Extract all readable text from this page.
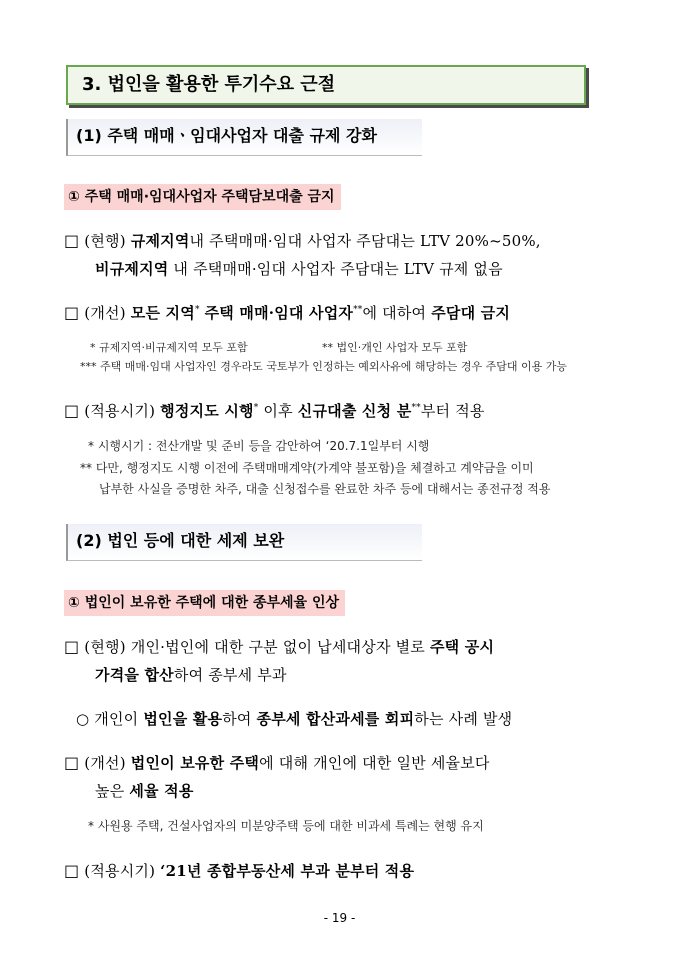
3. 법인을 활용한 투기수요 근절
(1) 주택 매매ㆍ임대사업자 대출 규제 강화
① 주택 매매·임대사업자 주택담보대출 금지
□ (현행) 규제지역내 주택매매·임대 사업자 주담대는 LTV 20%~50%,
비규제지역 내 주택매매·임대 사업자 주담대는 LTV 규제 없음
□ (개선) 모든 지역* 주택 매매·임대 사업자**에 대하여 주담대 금지
* 규제지역·비규제지역 모두 포함	** 법인·개인 사업자 모두 포함
*** 주택 매매·임대 사업자인 경우라도 국토부가 인정하는 예외사유에 해당하는 경우 주담대 이용 가능
□ (적용시기) 행정지도 시행* 이후 신규대출 신청 분**부터 적용
* 시행시기 : 전산개발 및 준비 등을 감안하여 ‘20.7.1일부터 시행
** 다만, 행정지도 시행 이전에 주택매매계약(가계약 불포함)을 체결하고 계약금을 이미
납부한 사실을 증명한 차주, 대출 신청접수를 완료한 차주 등에 대해서는 종전규정 적용
(2) 법인 등에 대한 세제 보완
① 법인이 보유한 주택에 대한 종부세율 인상
□ (현행) 개인·법인에 대한 구분 없이 납세대상자 별로 주택 공시
가격을 합산하여 종부세 부과
○ 개인이 법인을 활용하여 종부세 합산과세를 회피하는 사례 발생
□ (개선) 법인이 보유한 주택에 대해 개인에 대한 일반 세율보다
높은 세율 적용
* 사원용 주택, 건설사업자의 미분양주택 등에 대한 비과세 특례는 현행 유지
□ (적용시기) ‘21년 종합부동산세 부과 분부터 적용
- 19 -
